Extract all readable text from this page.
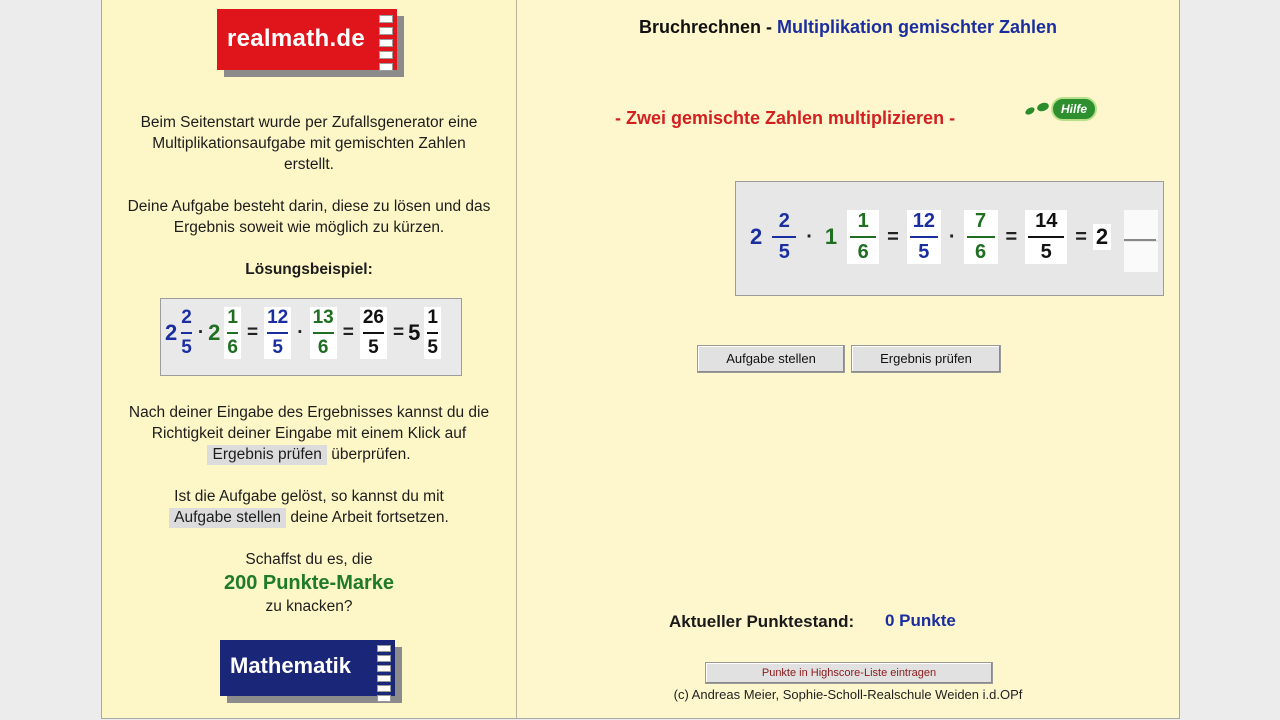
realmath.de
Beim Seitenstart wurde per Zufallsgenerator eine
Multiplikationsaufgabe mit gemischten Zahlen
erstellt.
Deine Aufgabe besteht darin, diese zu lösen und das
Ergebnis soweit wie möglich zu kürzen.
Lösungsbeispiel:
$2 \frac{2}{5} \cdot 2 \frac{1}{6} = \frac{12}{5} \cdot \frac{13}{6} = \frac{26}{5} = 5 \frac{1}{5}$
Nach deiner Eingabe des Ergebnisses kannst du die
Richtigkeit deiner Eingabe mit einem Klick auf
Ergebnis prüfen überprüfen.
Ist die Aufgabe gelöst, so kannst du mit
Aufgabe stellen deine Arbeit fortsetzen.
Schaffst du es, die
200 Punkte-Marke
zu knacken?
Mathematik
Bruchrechnen - Multiplikation gemischter Zahlen
- Zwei gemischte Zahlen multiplizieren -	Hilfe
$2 \frac{2}{5} \cdot 1 \frac{1}{6} = \frac{12}{5} \cdot \frac{7}{6} = \frac{14}{5} = 2$
Aufgabe stellen	Ergebnis prüfen
Aktueller Punktestand: 0 Punkte
Punkte in Highscore-Liste eintragen
(c) Andreas Meier, Sophie-Scholl-Realschule Weiden i.d.OPf
